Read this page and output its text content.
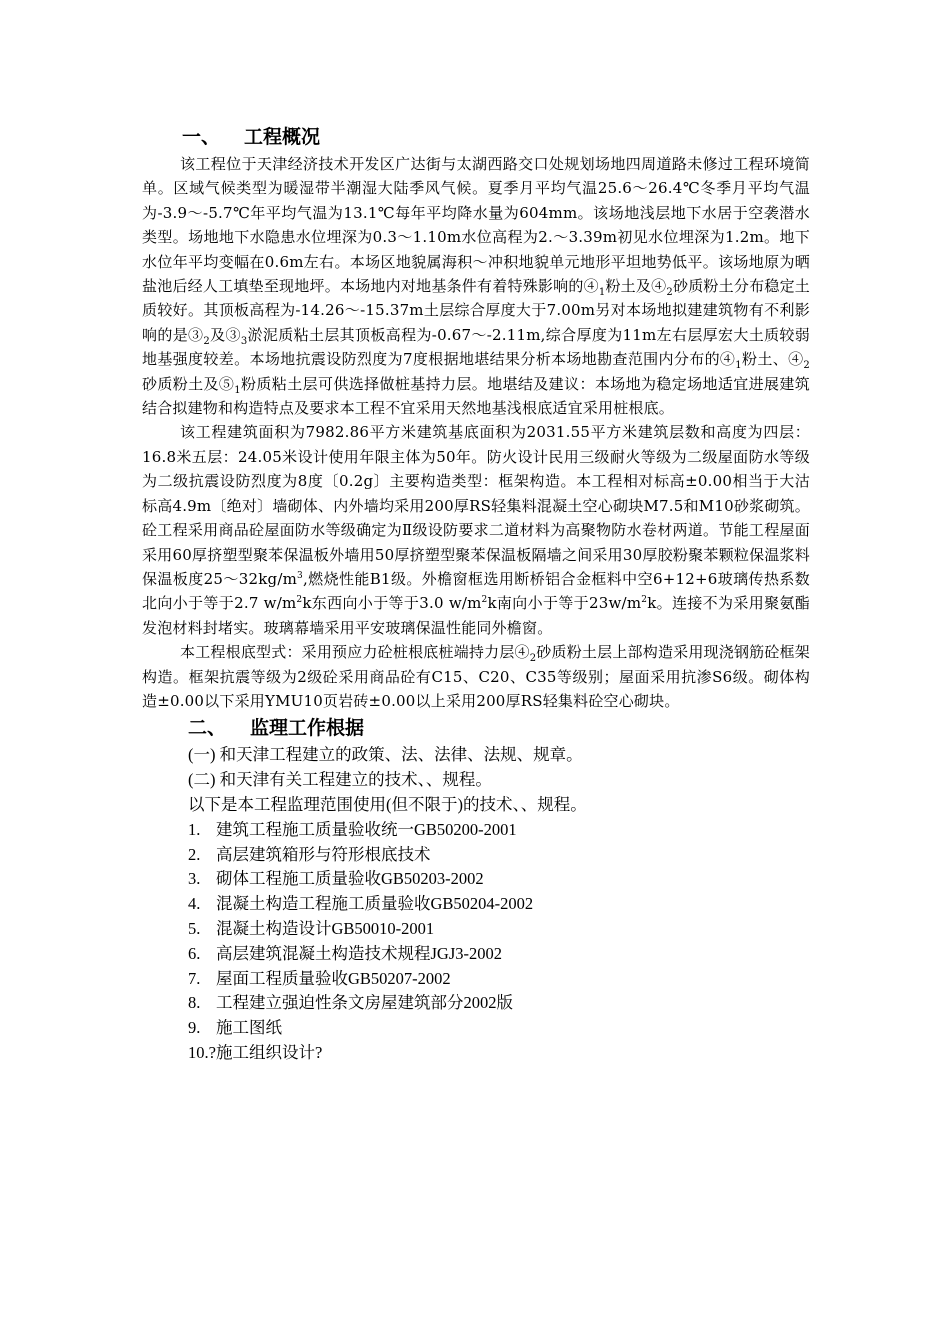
一、 工程概况

该工程位于天津经济技术开发区广达街与太湖西路交口处规划场地四周道路未修过工程环境简单。区域气候类型为暖湿带半潮湿大陆季风气候。夏季月平均气温25.6～26.4℃冬季月平均气温为-3.9～-5.7℃年平均气温为13.1℃每年平均降水量为604mm。该场地浅层地下水居于空袭潜水类型。场地地下水隐患水位埋深为0.3～1.10m水位高程为2.～3.39m初见水位埋深为1.2m。地下水位年平均变幅在0.6m左右。本场区地貌属海积～冲积地貌单元地形平坦地势低平。该场地原为晒盐池后经人工填垫至现地坪。本场地内对地基条件有着特殊影响的$④_1$粉土及$④_2$砂质粉土分布稳定土质较好。其顶板高程为-14.26～-15.37m土层综合厚度大于7.00m另对本场地拟建建筑物有不利影响的是$③_2$及$③_3$淤泥质粘土层其顶板高程为-0.67～-2.11m,综合厚度为11m左右层厚宏大土质较弱地基强度较差。本场地抗震设防烈度为7度根据地堪结果分析本场地勘查范围内分布的$④_1$粉土、$④_2$砂质粉土及$⑤_1$粉质粘土层可供选择做桩基持力层。地堪结及建议：本场地为稳定场地适宜进展建筑结合拟建物和构造特点及要求本工程不宜采用天然地基浅根底适宜采用桩根底。

该工程建筑面积为7982.86平方米建筑基底面积为2031.55平方米建筑层数和高度为四层：16.8米五层：24.05米设计使用年限主体为50年。防火设计民用三级耐火等级为二级屋面防水等级为二级抗震设防烈度为8度〔0.2g〕主要构造类型：框架构造。本工程相对标高±0.00相当于大沽标高4.9m〔绝对〕墙砌体、内外墙均采用200厚RS轻集料混凝土空心砌块M7.5和M10砂浆砌筑。砼工程采用商品砼屋面防水等级确定为Ⅱ级设防要求二道材料为高聚物防水卷材两道。节能工程屋面采用60厚挤塑型聚苯保温板外墙用50厚挤塑型聚苯保温板隔墙之间采用30厚胶粉聚苯颗粒保温浆料保温板度$25\sim 32kg/m^3$,燃烧性能B1级。外檐窗框选用断桥铝合金框料中空6+12+6玻璃传热系数北向小于等于2.7 $w/m^2k$东西向小于等于3.0 $w/m^2k$南向小于等于$23w/m^2k$。连接不为采用聚氨酯发泡材料封堵实。玻璃幕墙采用平安玻璃保温性能同外檐窗。

本工程根底型式：采用预应力砼桩根底桩端持力层$④_2$砂质粉土层上部构造采用现浇钢筋砼框架构造。框架抗震等级为2级砼采用商品砼有C15、C20、C35等级别；屋面采用抗渗S6级。砌体构造±0.00以下采用YMU10页岩砖±0.00以上采用200厚RS轻集料砼空心砌块。

二、 监理工作根据
(一) 和天津工程建立的政策、法、法律、法规、规章。
(二) 和天津有关工程建立的技术、、规程。
以下是本工程监理范围使用(但不限于)的技术、、规程。
1. 建筑工程施工质量验收统一GB50200-2001
2. 高层建筑箱形与符形根底技术
3. 砌体工程施工质量验收GB50203-2002
4. 混凝土构造工程施工质量验收GB50204-2002
5. 混凝土构造设计GB50010-2001
6. 高层建筑混凝土构造技术规程JGJ3-2002
7. 屋面工程质量验收GB50207-2002
8. 工程建立强迫性条文房屋建筑部分2002版
9. 施工图纸
10.?施工组织设计?
